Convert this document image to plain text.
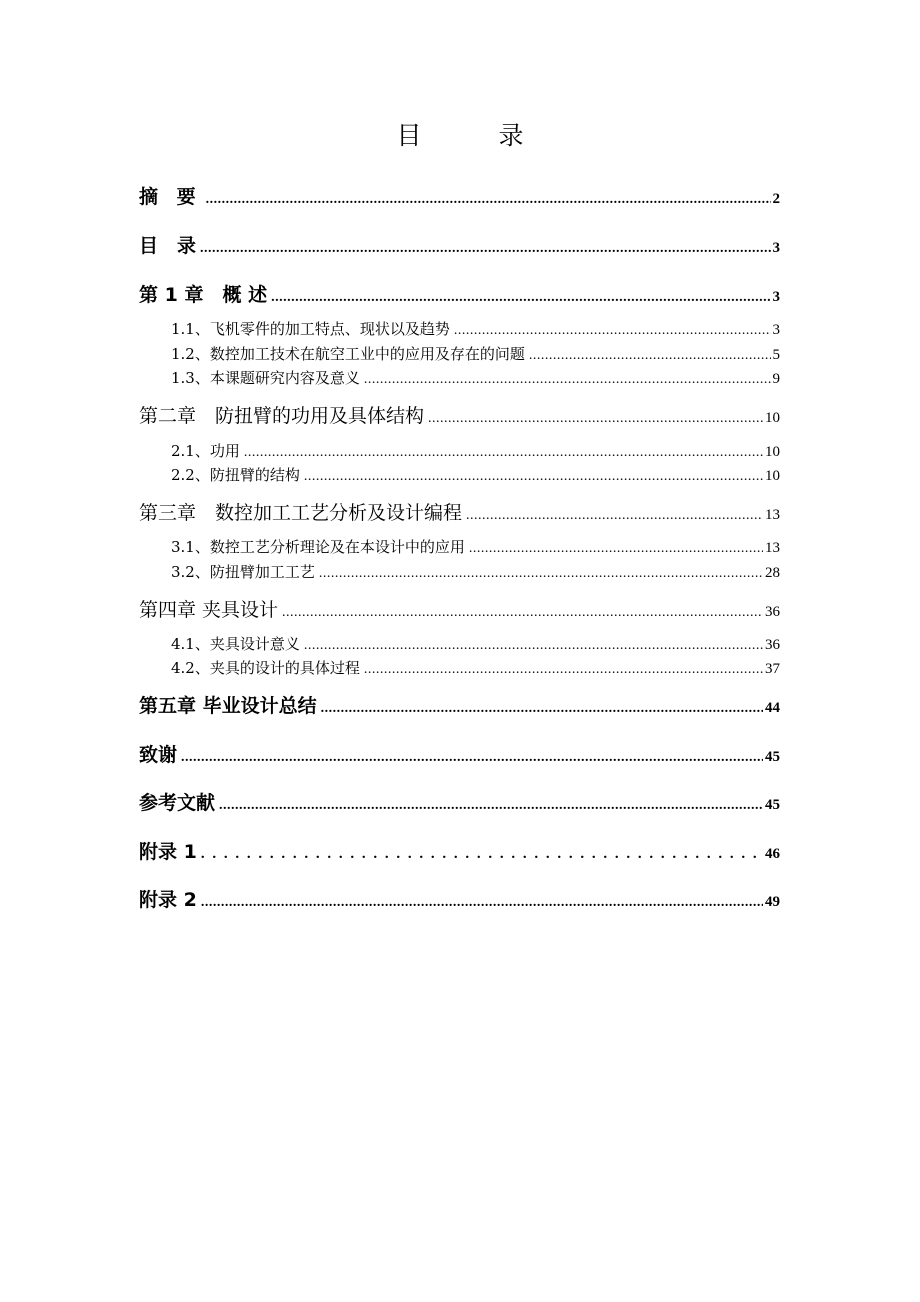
目　录
摘 要 .....	2
目　录 .....	3
第 1 章　概 述 .....	3
1.1、飞机零件的加工特点、现状以及趋势 .....	3
1.2、数控加工技术在航空工业中的应用及存在的问题 .....	5
1.3、本课题研究内容及意义 .....	9
第二章　防扭臂的功用及具体结构 .....	10
2.1、功用 .....	10
2.2、防扭臂的结构 .....	10
第三章　数控加工工艺分析及设计编程 .....	13
3.1、数控工艺分析理论及在本设计中的应用 .....	13
3.2、防扭臂加工工艺 .....	28
第四章 夹具设计 .....	36
4.1、夹具设计意义 .....	36
4.2、夹具的设计的具体过程 .....	37
第五章 毕业设计总结 .....	44
致谢 .....	45
参考文献 .....	45
附录 1 . . .	46
附录 2 .....	49
